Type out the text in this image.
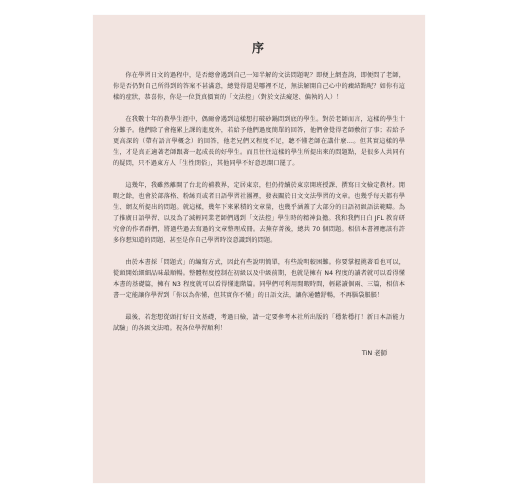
序

你在學習日文的過程中，是否總會遇到自己一知半解的文法問題呢？即便上網查詢，即便問了老師，你是否仍對自己所得到的答案不甚滿意，總覺得還是哪裡不足，無法解開自己心中的癥結點呢？如你有這樣的症狀，恭喜你，你是一位貨真價實的「文法控」（對於文法癡迷、偏執的人）！

在我數十年的教學生涯中，偶爾會遇到這樣想打破砂鍋問到底的學生。對於老師而言，這樣的學生十分難予。他們除了會拖累上課的進度外，若給予他們過度簡單的回答，他們會覺得老師敷衍了事；若給予更高深的（帶有語言學概念）的回答，他老兄們又程度不足，聽不懂老師在講什麼…。但其實這樣的學生，才是真正適著老師跟著一起成長的好學生。而且往往這樣的學生所提出來的問題點，是很多人共同有的疑問，只不過東方人「生性閉俗」，其他同學不好意思開口罷了。

這幾年，我雖然離開了台北的補教界，定居東京，但仍持續於東京開班授課、撰寫日文檢定教材。閒暇之餘，也會於部落格、粉絲頁或者日語學習社團裡，發表關於日文文法學習的文章。也幾乎每天都有學生、網友所提出的問題。就這樣，幾年下來累積的文章量，也幾乎涵蓋了大部分的日語初級語法範疇。為了推廣日語學習、以及為了減輕同業老師們遇到「文法控」學生時的精神負擔。我和我們日白 JFL 教育研究會的作者群們，將過些過去寫過的文章整理成冊。去蕪存菁後，總共 70 個問題。相信本書裡應該有許多你想知道的問題、甚至是你自己學習時沒意識到的問題。

由於本書採「問題式」的編寫方式，因此有些說明簡單，有些說明較困難。你要掌握挑著看也可以，從頭開始細細品味最順暢。整體程度控制在初級以及中級前期，也就是擁有 N4 程度的讀者就可以看得懂本書的基礎篇，擁有 N3 程度就可以看得懂進階篇。同學們可利用閒暇時間，輕鬆讀個兩、三篇，相信本書一定能讓你學習到「你以為你懂，但其實你不懂」的日語文法，讓你通體舒暢，不再腦袋脹脹！

最後，若您想從頭打好日文基礎，考過日檢，請一定要參考本社所出版的「穩紮穩打！新日本語能力試驗」的各級文法唷。祝各位學習順利！

TiN 老師
